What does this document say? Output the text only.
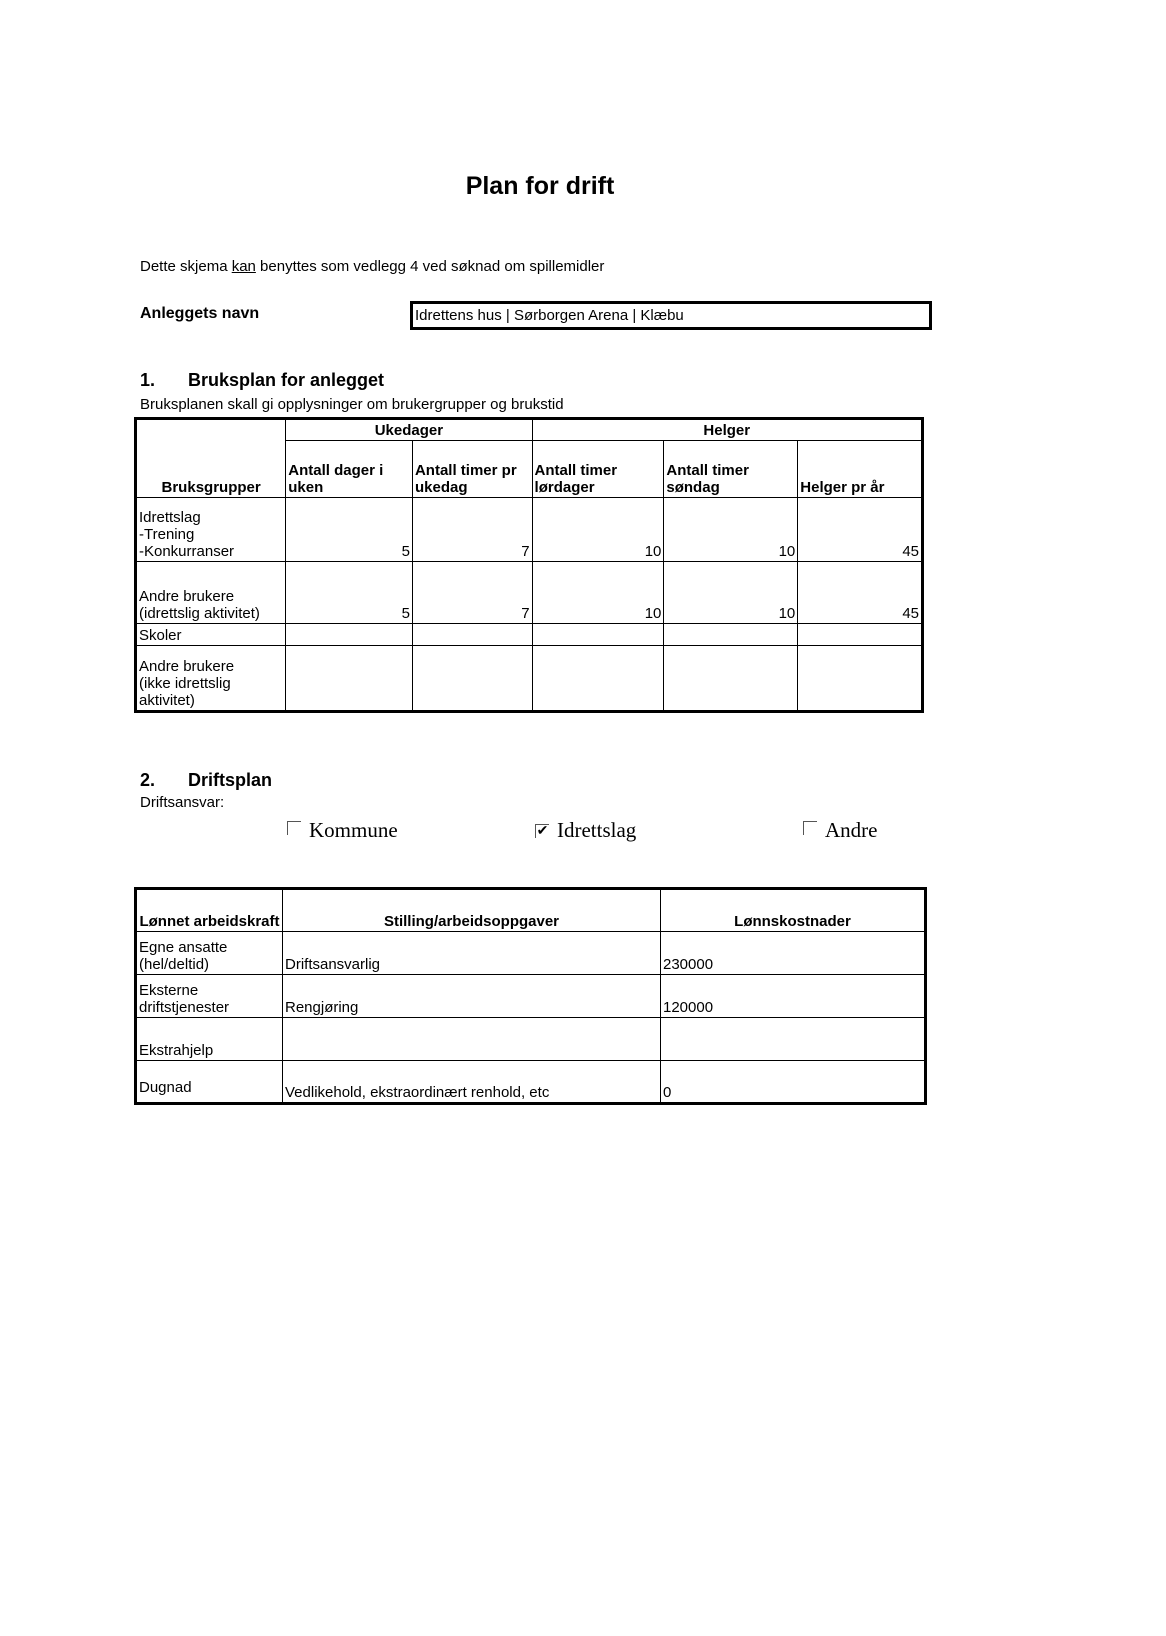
Plan for drift
Dette skjema kan benyttes som vedlegg 4 ved søknad om spillemidler
Anleggets navn	Idrettens hus | Sørborgen Arena | Klæbu
1. Bruksplan for anlegget
Bruksplanen skall gi opplysninger om brukergrupper og brukstid
Bruksgrupper	Ukedager		Helger		
	Antall dager i uken	Antall timer pr ukedag	Antall timer lørdager	Antall timer søndag	Helger pr år
Idrettslag
-Trening
-Konkurranser	5	7	10	10	45
Andre brukere
(idrettslig aktivitet)	5	7	10	10	45
Skoler					
Andre brukere
(ikke idrettslig
aktivitet)					
2. Driftsplan
Driftsansvar:
Kommune	✔ Idrettslag	Andre
Lønnet arbeidskraft	Stilling/arbeidsoppgaver	Lønnskostnader
Egne ansatte
(hel/deltid)	Driftsansvarlig	230000
Eksterne
driftstjenester	Rengjøring	120000
Ekstrahjelp		
Dugnad	Vedlikehold, ekstraordinært renhold, etc	0
